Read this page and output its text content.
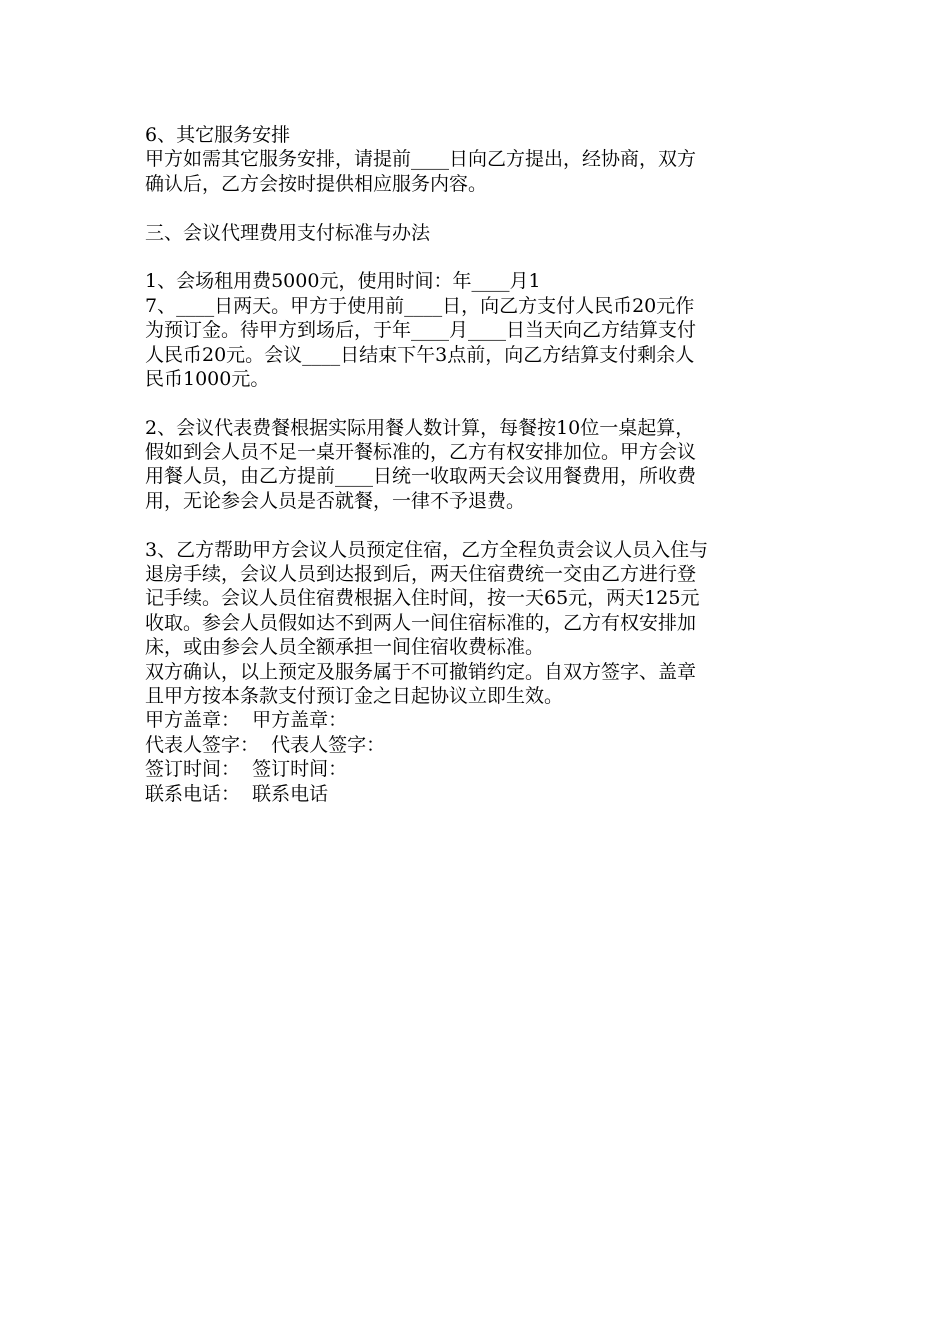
6、其它服务安排
甲方如需其它服务安排，请提前____日向乙方提出，经协商，双方
确认后，乙方会按时提供相应服务内容。
三、会议代理费用支付标准与办法
1、会场租用费5000元，使用时间：年____月1
7、____日两天。甲方于使用前____日，向乙方支付人民币20元作
为预订金。待甲方到场后，于年____月____日当天向乙方结算支付
人民币20元。会议____日结束下午3点前，向乙方结算支付剩余人
民币1000元。
2、会议代表费餐根据实际用餐人数计算，每餐按10位一桌起算，
假如到会人员不足一桌开餐标准的，乙方有权安排加位。甲方会议
用餐人员，由乙方提前____日统一收取两天会议用餐费用，所收费
用，无论参会人员是否就餐，一律不予退费。
3、乙方帮助甲方会议人员预定住宿，乙方全程负责会议人员入住与
退房手续，会议人员到达报到后，两天住宿费统一交由乙方进行登
记手续。会议人员住宿费根据入住时间，按一天65元，两天125元
收取。参会人员假如达不到两人一间住宿标准的，乙方有权安排加
床，或由参会人员全额承担一间住宿收费标准。
双方确认，以上预定及服务属于不可撤销约定。自双方签字、盖章
且甲方按本条款支付预订金之日起协议立即生效。
甲方盖章：  甲方盖章：
代表人签字：  代表人签字：
签订时间：  签订时间：
联系电话：  联系电话
